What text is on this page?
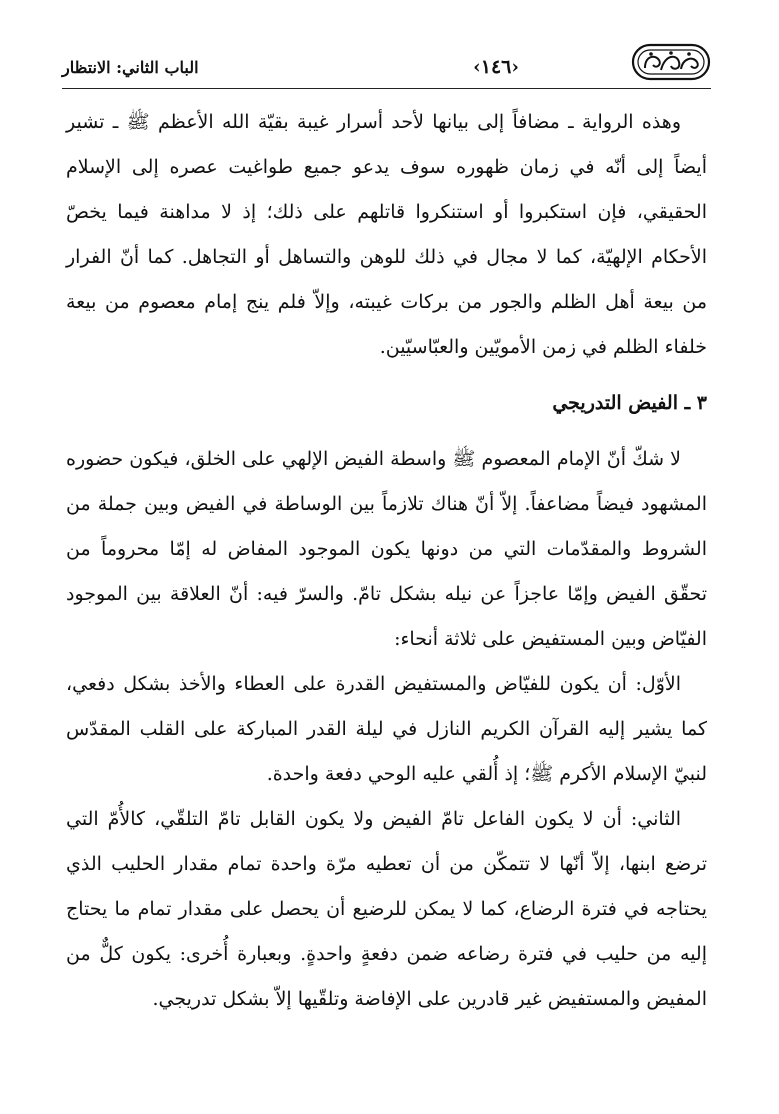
‹١٤٦›
الباب الثاني: الانتظار

وهذه الرواية ـ مضافاً إلى بيانها لأحد أسرار غيبة بقيّة الله الأعظم ﷺ ـ تشير أيضاً إلى أنّه في زمان ظهوره سوف يدعو جميع طواغيت عصره إلى الإسلام الحقيقي، فإن استكبروا أو استنكروا قاتلهم على ذلك؛ إذ لا مداهنة فيما يخصّ الأحكام الإلهيّة، كما لا مجال في ذلك للوهن والتساهل أو التجاهل. كما أنّ الفرار من بيعة أهل الظلم والجور من بركات غيبته، وإلاّ فلم ينج إمام معصوم من بيعة خلفاء الظلم في زمن الأمويّين والعبّاسيّين.

٣ ـ الفيض التدريجي

لا شكّ أنّ الإمام المعصوم ﷺ واسطة الفيض الإلهي على الخلق، فيكون حضوره المشهود فيضاً مضاعفاً. إلاّ أنّ هناك تلازماً بين الوساطة في الفيض وبين جملة من الشروط والمقدّمات التي من دونها يكون الموجود المفاض له إمّا محروماً من تحقّق الفيض وإمّا عاجزاً عن نيله بشكل تامّ. والسرّ فيه: أنّ العلاقة بين الموجود الفيّاض وبين المستفيض على ثلاثة أنحاء:

الأوّل: أن يكون للفيّاض والمستفيض القدرة على العطاء والأخذ بشكل دفعي، كما يشير إليه القرآن الكريم النازل في ليلة القدر المباركة على القلب المقدّس لنبيّ الإسلام الأكرم ﷺ؛ إذ أُلقي عليه الوحي دفعة واحدة.

الثاني: أن لا يكون الفاعل تامّ الفيض ولا يكون القابل تامّ التلقّي، كالأُمّ التي ترضع ابنها، إلاّ أنّها لا تتمكّن من أن تعطيه مرّة واحدة تمام مقدار الحليب الذي يحتاجه في فترة الرضاع، كما لا يمكن للرضيع أن يحصل على مقدار تمام ما يحتاج إليه من حليب في فترة رضاعه ضمن دفعةٍ واحدةٍ. وبعبارة أُخرى: يكون كلٌّ من المفيض والمستفيض غير قادرين على الإفاضة وتلقّيها إلاّ بشكل تدريجي.
